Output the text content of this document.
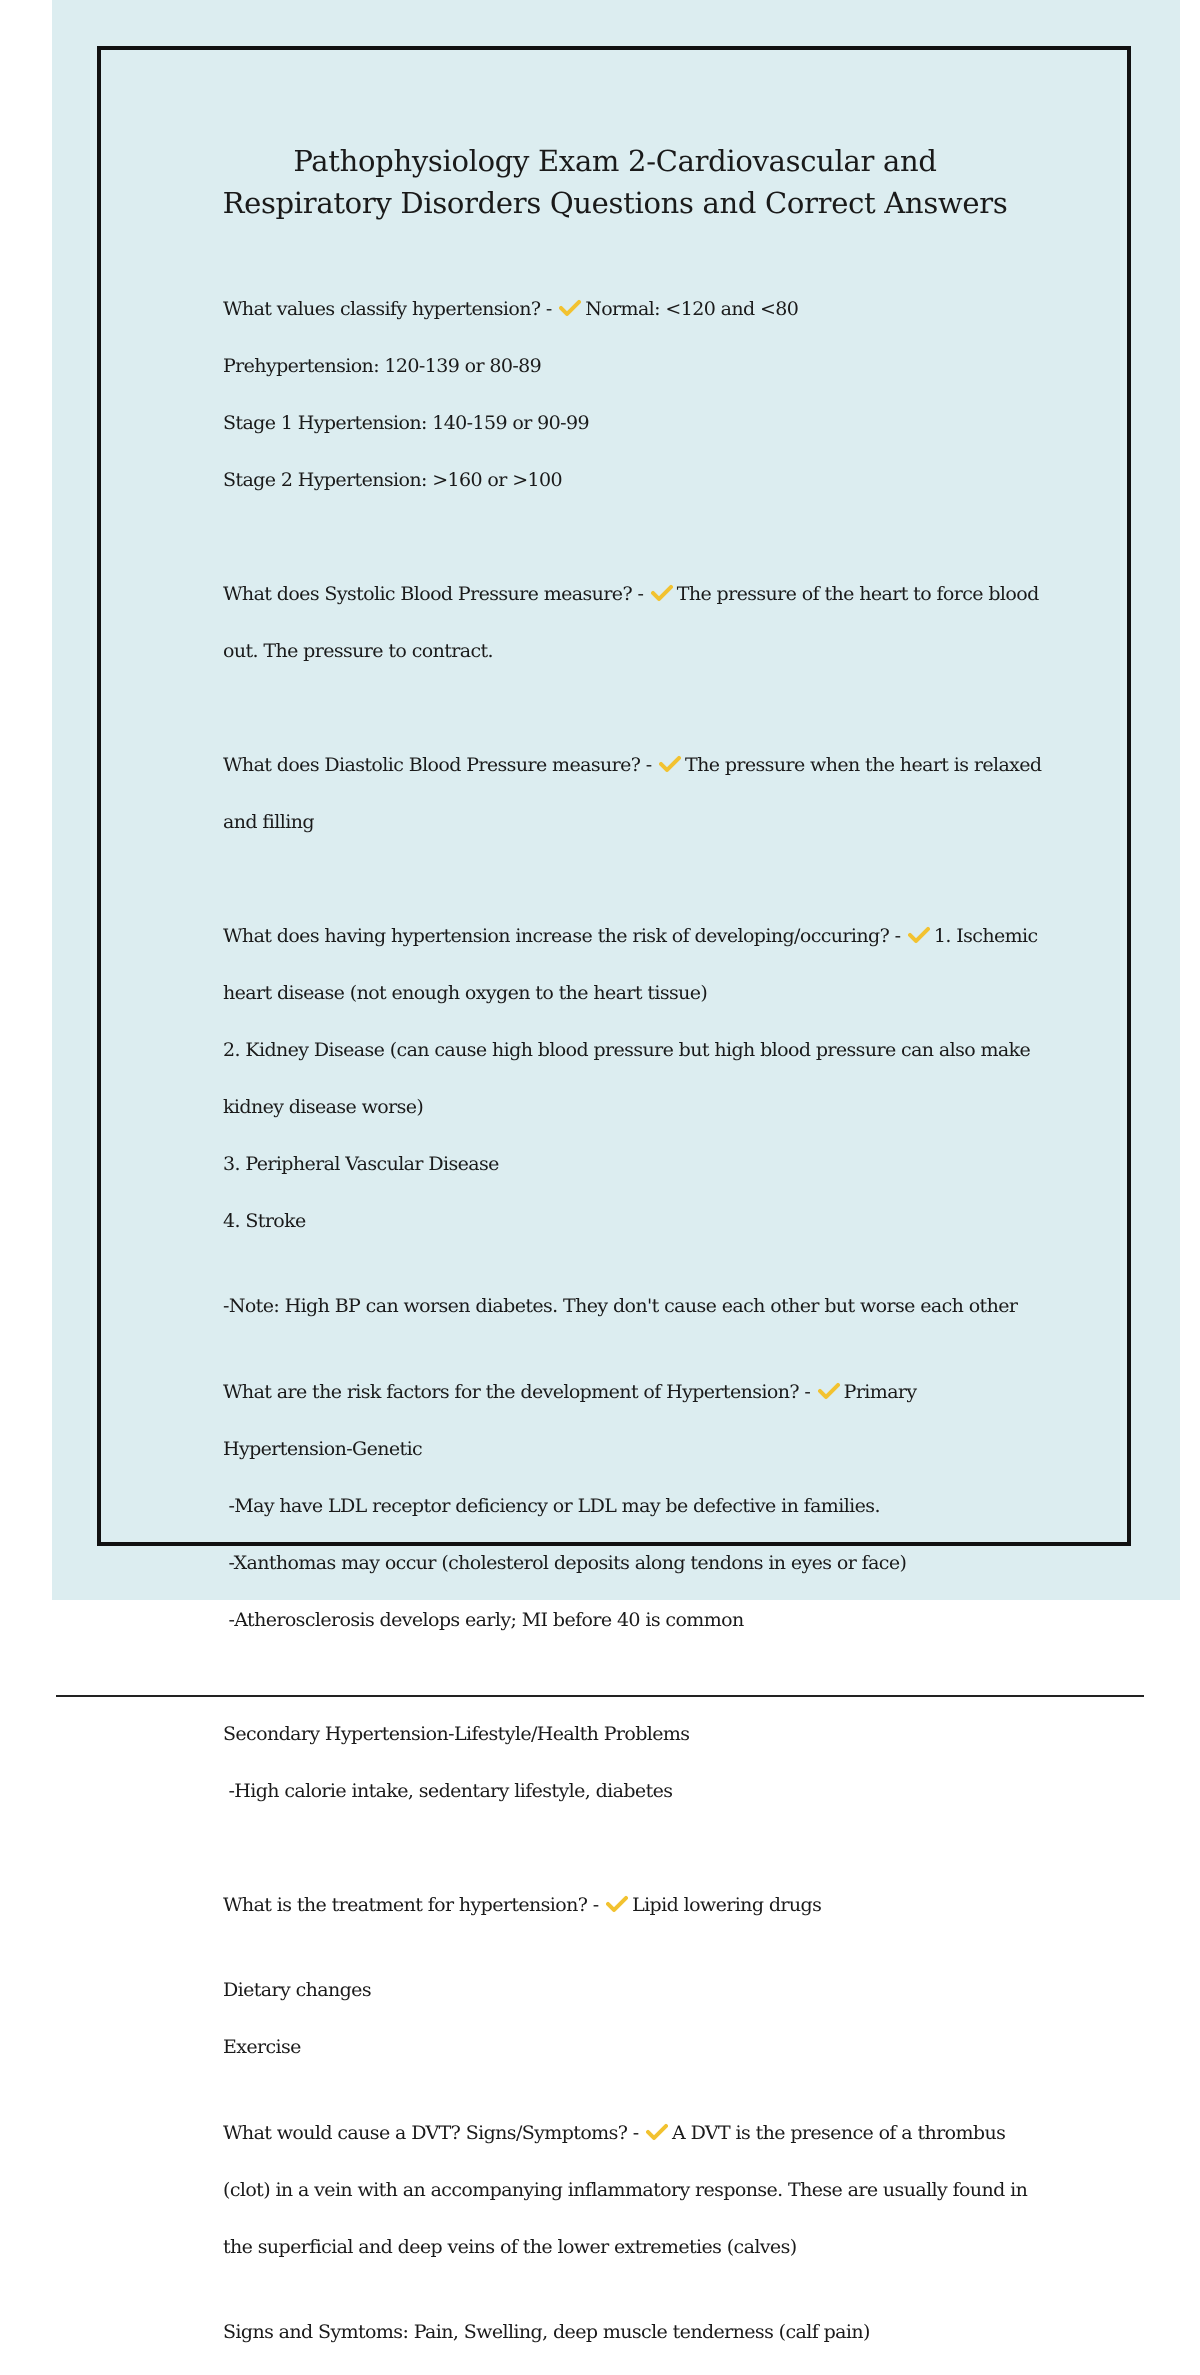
Pathophysiology Exam 2-Cardiovascular and
Respiratory Disorders Questions and Correct Answers

What values classify hypertension? - Normal: <120 and <80

Prehypertension: 120-139 or 80-89

Stage 1 Hypertension: 140-159 or 90-99

Stage 2 Hypertension: >160 or >100

What does Systolic Blood Pressure measure? - The pressure of the heart to force blood

out. The pressure to contract.

What does Diastolic Blood Pressure measure? - The pressure when the heart is relaxed

and filling

What does having hypertension increase the risk of developing/occuring? - 1. Ischemic

heart disease (not enough oxygen to the heart tissue)

2. Kidney Disease (can cause high blood pressure but high blood pressure can also make

kidney disease worse)

3. Peripheral Vascular Disease

4. Stroke

-Note: High BP can worsen diabetes. They don't cause each other but worse each other

What are the risk factors for the development of Hypertension? - Primary

Hypertension-Genetic

-May have LDL receptor deficiency or LDL may be defective in families.

-Xanthomas may occur (cholesterol deposits along tendons in eyes or face)

-Atherosclerosis develops early; MI before 40 is common

Secondary Hypertension-Lifestyle/Health Problems

-High calorie intake, sedentary lifestyle, diabetes

What is the treatment for hypertension? - Lipid lowering drugs

Dietary changes
Exercise

What would cause a DVT? Signs/Symptoms? - A DVT is the presence of a thrombus

(clot) in a vein with an accompanying inflammatory response. These are usually found in

the superficial and deep veins of the lower extremeties (calves)

Signs and Symtoms: Pain, Swelling, deep muscle tenderness (calf pain)
